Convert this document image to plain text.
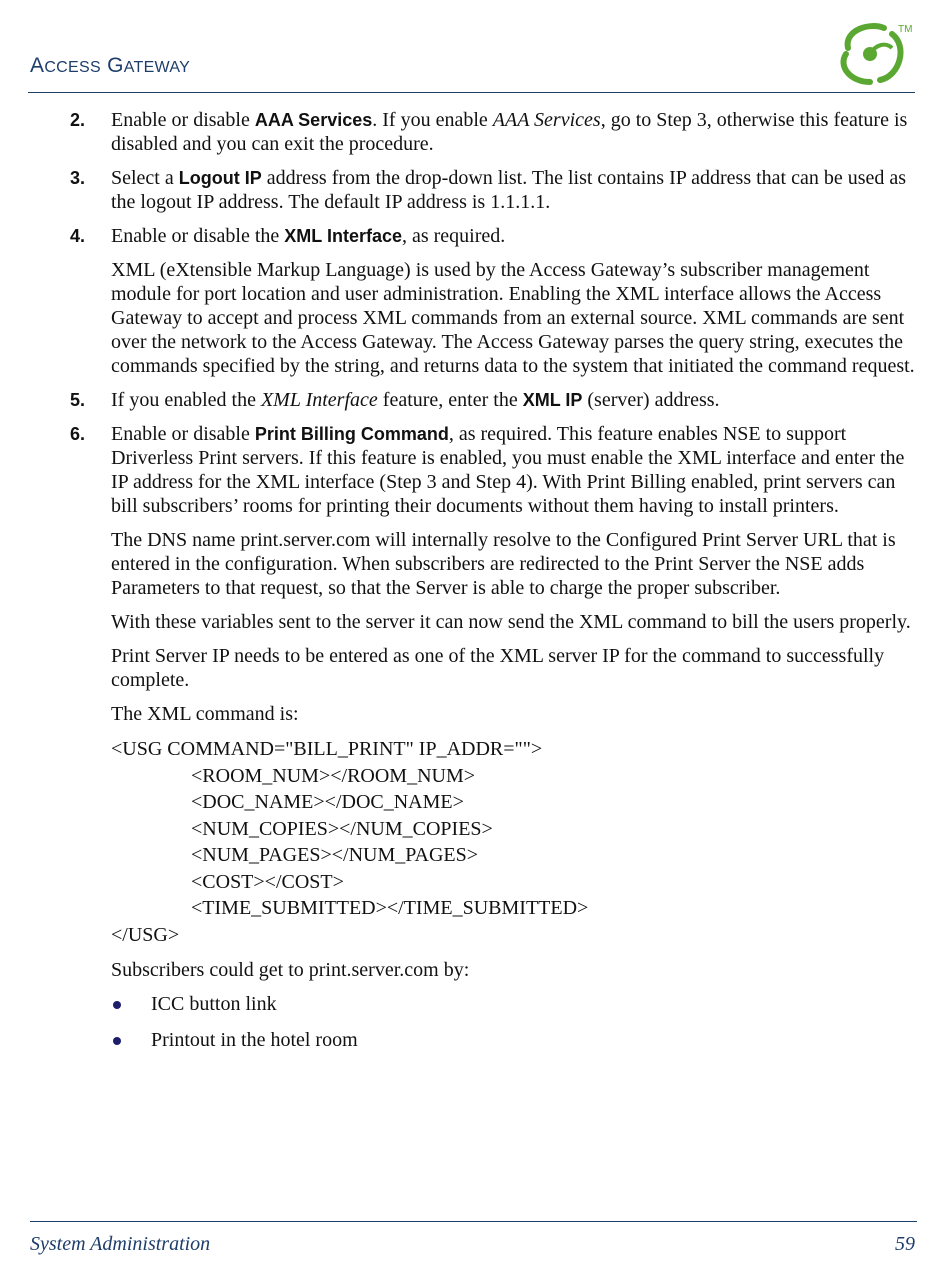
ACCESS GATEWAY
TM
2. Enable or disable AAA Services. If you enable AAA Services, go to Step 3, otherwise this feature is disabled and you can exit the procedure.
3. Select a Logout IP address from the drop-down list. The list contains IP address that can be used as the logout IP address. The default IP address is 1.1.1.1.
4. Enable or disable the XML Interface, as required.

XML (eXtensible Markup Language) is used by the Access Gateway’s subscriber management module for port location and user administration. Enabling the XML interface allows the Access Gateway to accept and process XML commands from an external source. XML commands are sent over the network to the Access Gateway. The Access Gateway parses the query string, executes the commands specified by the string, and returns data to the system that initiated the command request.

5. If you enabled the XML Interface feature, enter the XML IP (server) address.
6. Enable or disable Print Billing Command, as required. This feature enables NSE to support Driverless Print servers. If this feature is enabled, you must enable the XML interface and enter the IP address for the XML interface (Step 3 and Step 4). With Print Billing enabled, print servers can bill subscribers’ rooms for printing their documents without them having to install printers.

The DNS name print.server.com will internally resolve to the Configured Print Server URL that is entered in the configuration. When subscribers are redirected to the Print Server the NSE adds Parameters to that request, so that the Server is able to charge the proper subscriber.

With these variables sent to the server it can now send the XML command to bill the users properly.

Print Server IP needs to be entered as one of the XML server IP for the command to successfully complete.

The XML command is:

<USG COMMAND="BILL_PRINT" IP_ADDR="">
<ROOM_NUM></ROOM_NUM>
<DOC_NAME></DOC_NAME>
<NUM_COPIES></NUM_COPIES>
<NUM_PAGES></NUM_PAGES>
<COST></COST>
<TIME_SUBMITTED></TIME_SUBMITTED>
</USG>

Subscribers could get to print.server.com by:

ICC button link
Printout in the hotel room
System Administration	59
